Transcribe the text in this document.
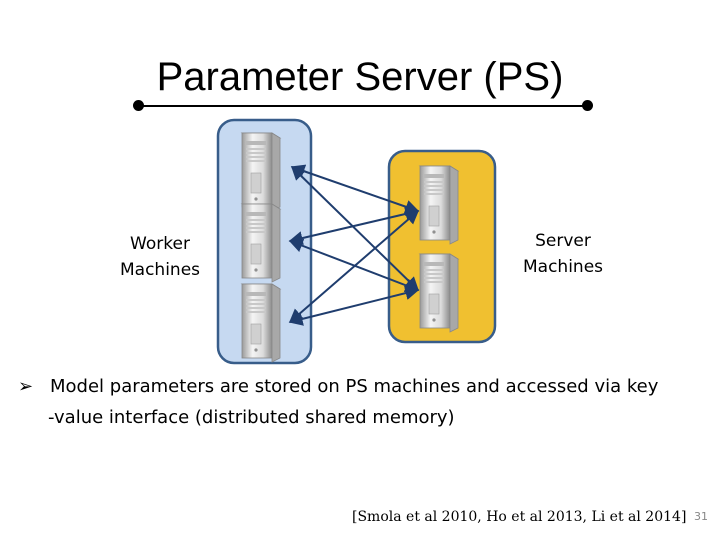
Parameter Server (PS)
Worker
Machines
Server
Machines
➢ Model parameters are stored on PS machines and accessed via key
-value interface (distributed shared memory)
[Smola et al 2010, Ho et al 2013, Li et al 2014] 31
